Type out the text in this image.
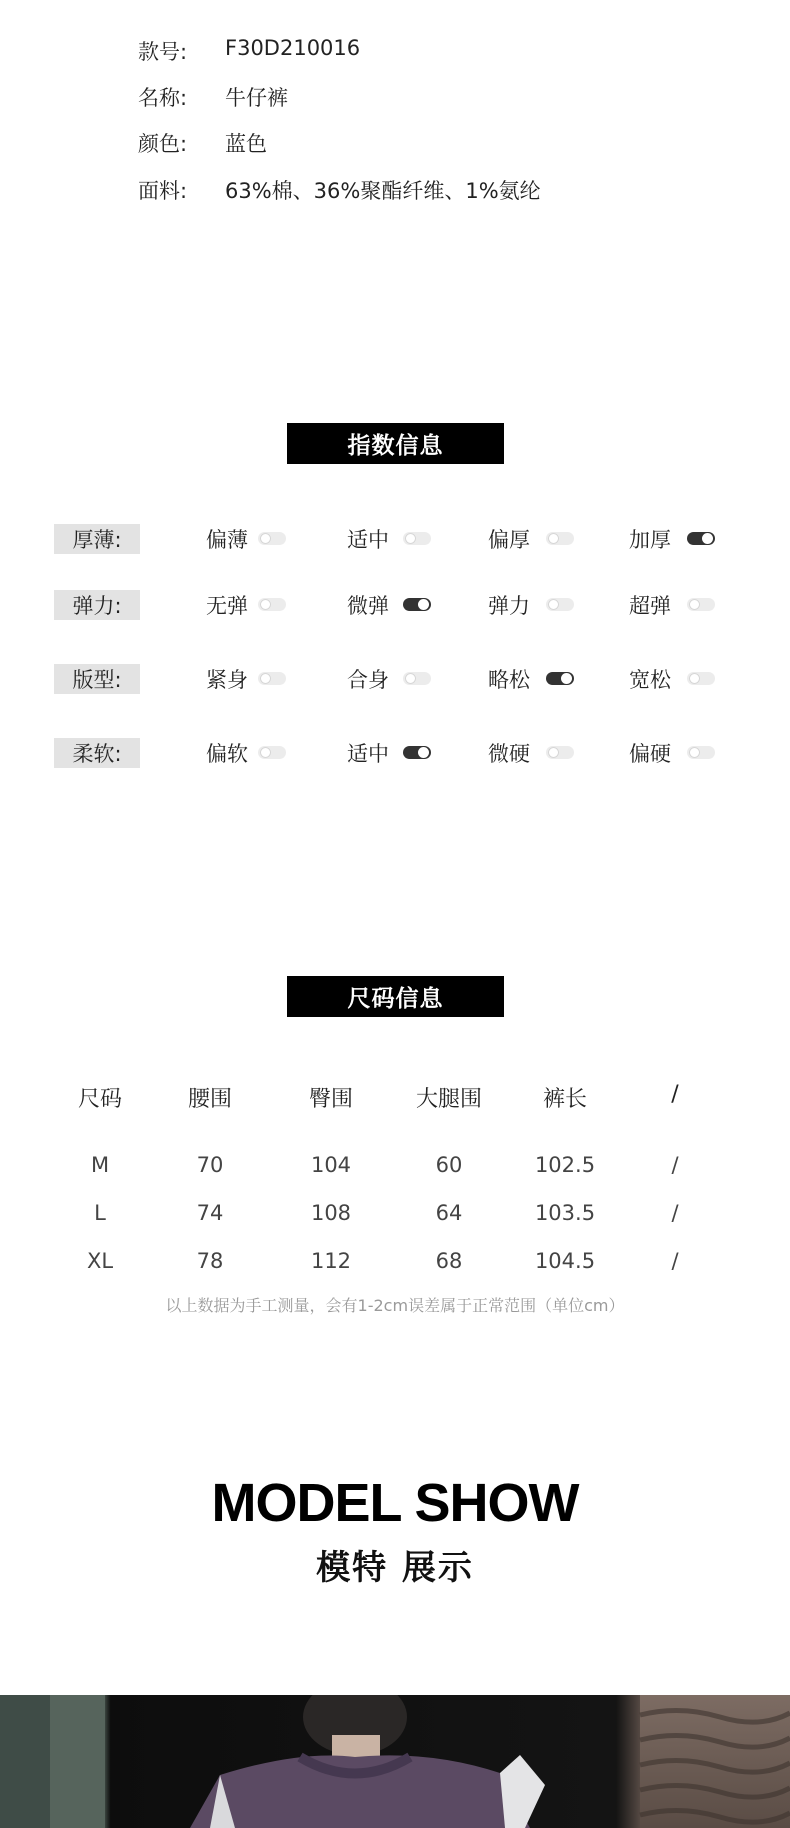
款号: F30D210016
名称: 牛仔裤
颜色: 蓝色
面料: 63%棉、36%聚酯纤维、1%氨纶
指数信息
厚薄:	偏薄	适中	偏厚	加厚
弹力:	无弹	微弹	弹力	超弹
版型:	紧身	合身	略松	宽松
柔软:	偏软	适中	微硬	偏硬
尺码信息
尺码	腰围	臀围	大腿围	裤长	/
M	70	104	60	102.5	/
L	74	108	64	103.5	/
XL	78	112	68	104.5	/
以上数据为手工测量，会有1-2cm误差属于正常范围（单位cm）
MODEL SHOW
模特 展示
